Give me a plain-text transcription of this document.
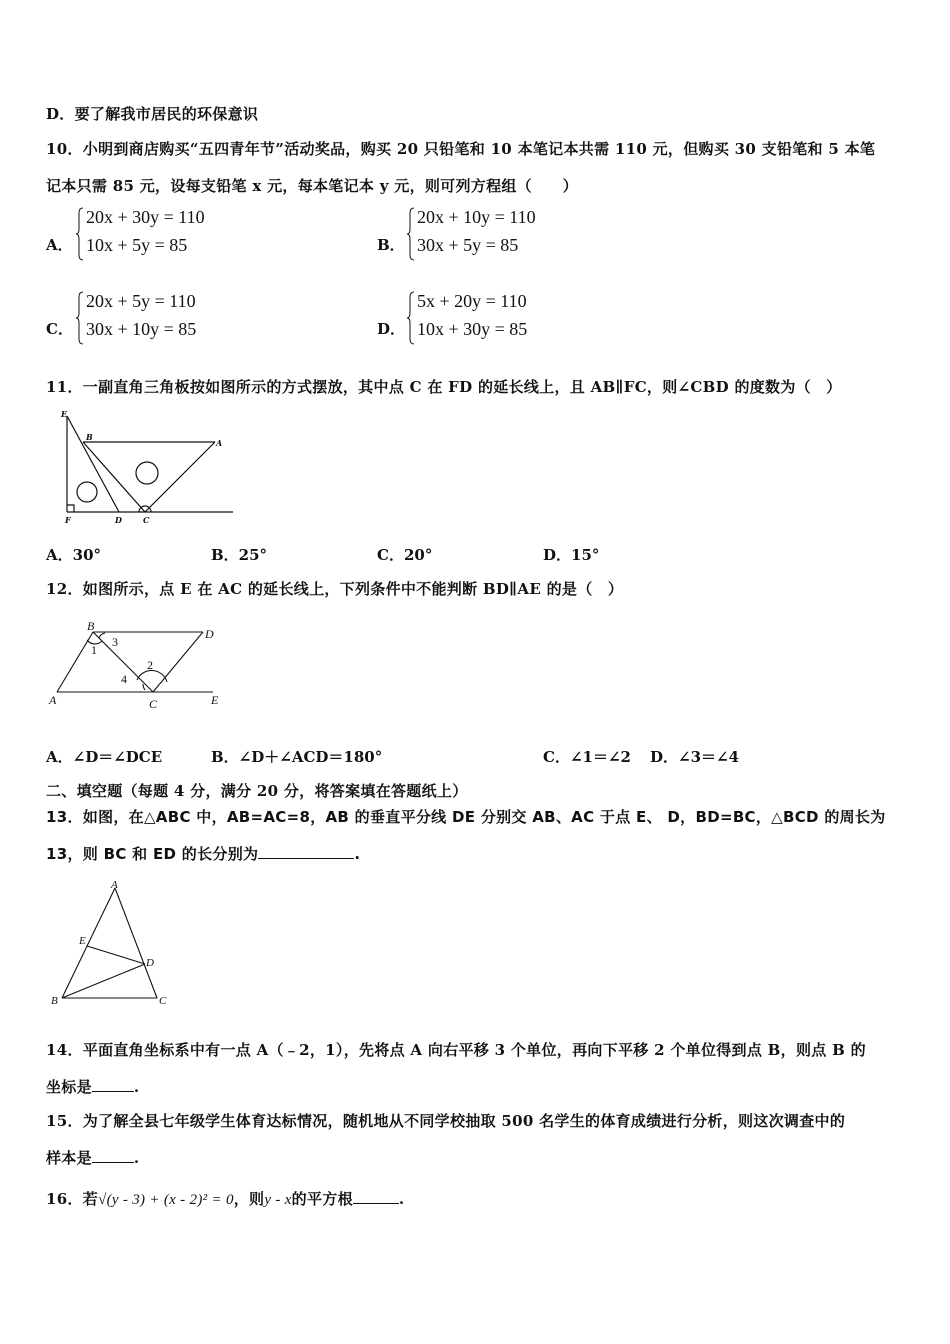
D．要了解我市居民的环保意识
10．小明到商店购买“五四青年节”活动奖品，购买 20 只铅笔和 10 本笔记本共需 110 元，但购买 30 支铅笔和 5 本笔
记本只需 85 元，设每支铅笔 x 元，每本笔记本 y 元，则可列方程组（　　）
A．
20x + 30y = 110
10x + 5y = 85	B．
20x + 10y = 110
30x + 5y = 85
C．
20x + 5y = 110
30x + 10y = 85	D．
5x + 20y = 110
10x + 30y = 85
11．一副直角三角板按如图所示的方式摆放，其中点 C 在 FD 的延长线上，且 AB∥FC，则∠CBD 的度数为（　）
E
B
A
F	D	C
A．30°	B．25°	C．20°	D．15°
12．如图所示，点 E 在 AC 的延长线上，下列条件中不能判断 BD∥AE 的是（　）
B
D
A	C	E
1
2
3
4
A．∠D＝∠DCE	B．∠D＋∠ACD＝180°	C．∠1＝∠2 D．∠3＝∠4
二、填空题（每题 4 分，满分 20 分，将答案填在答题纸上）
13．如图，在△ABC 中，AB=AC=8，AB 的垂直平分线 DE 分别交 AB、AC 于点 E、 D，BD=BC，△BCD 的周长为
13，则 BC 和 ED 的长分别为	.
A
E
D
B	C
14．平面直角坐标系中有一点 A（﹣2，1），先将点 A 向右平移 3 个单位，再向下平移 2 个单位得到点 B，则点 B 的
坐标是	.
15．为了解全县七年级学生体育达标情况，随机地从不同学校抽取 500 名学生的体育成绩进行分析，则这次调查中的
样本是	.
16．若√(y - 3) + (x - 2)² = 0，则y - x的平方根	.
